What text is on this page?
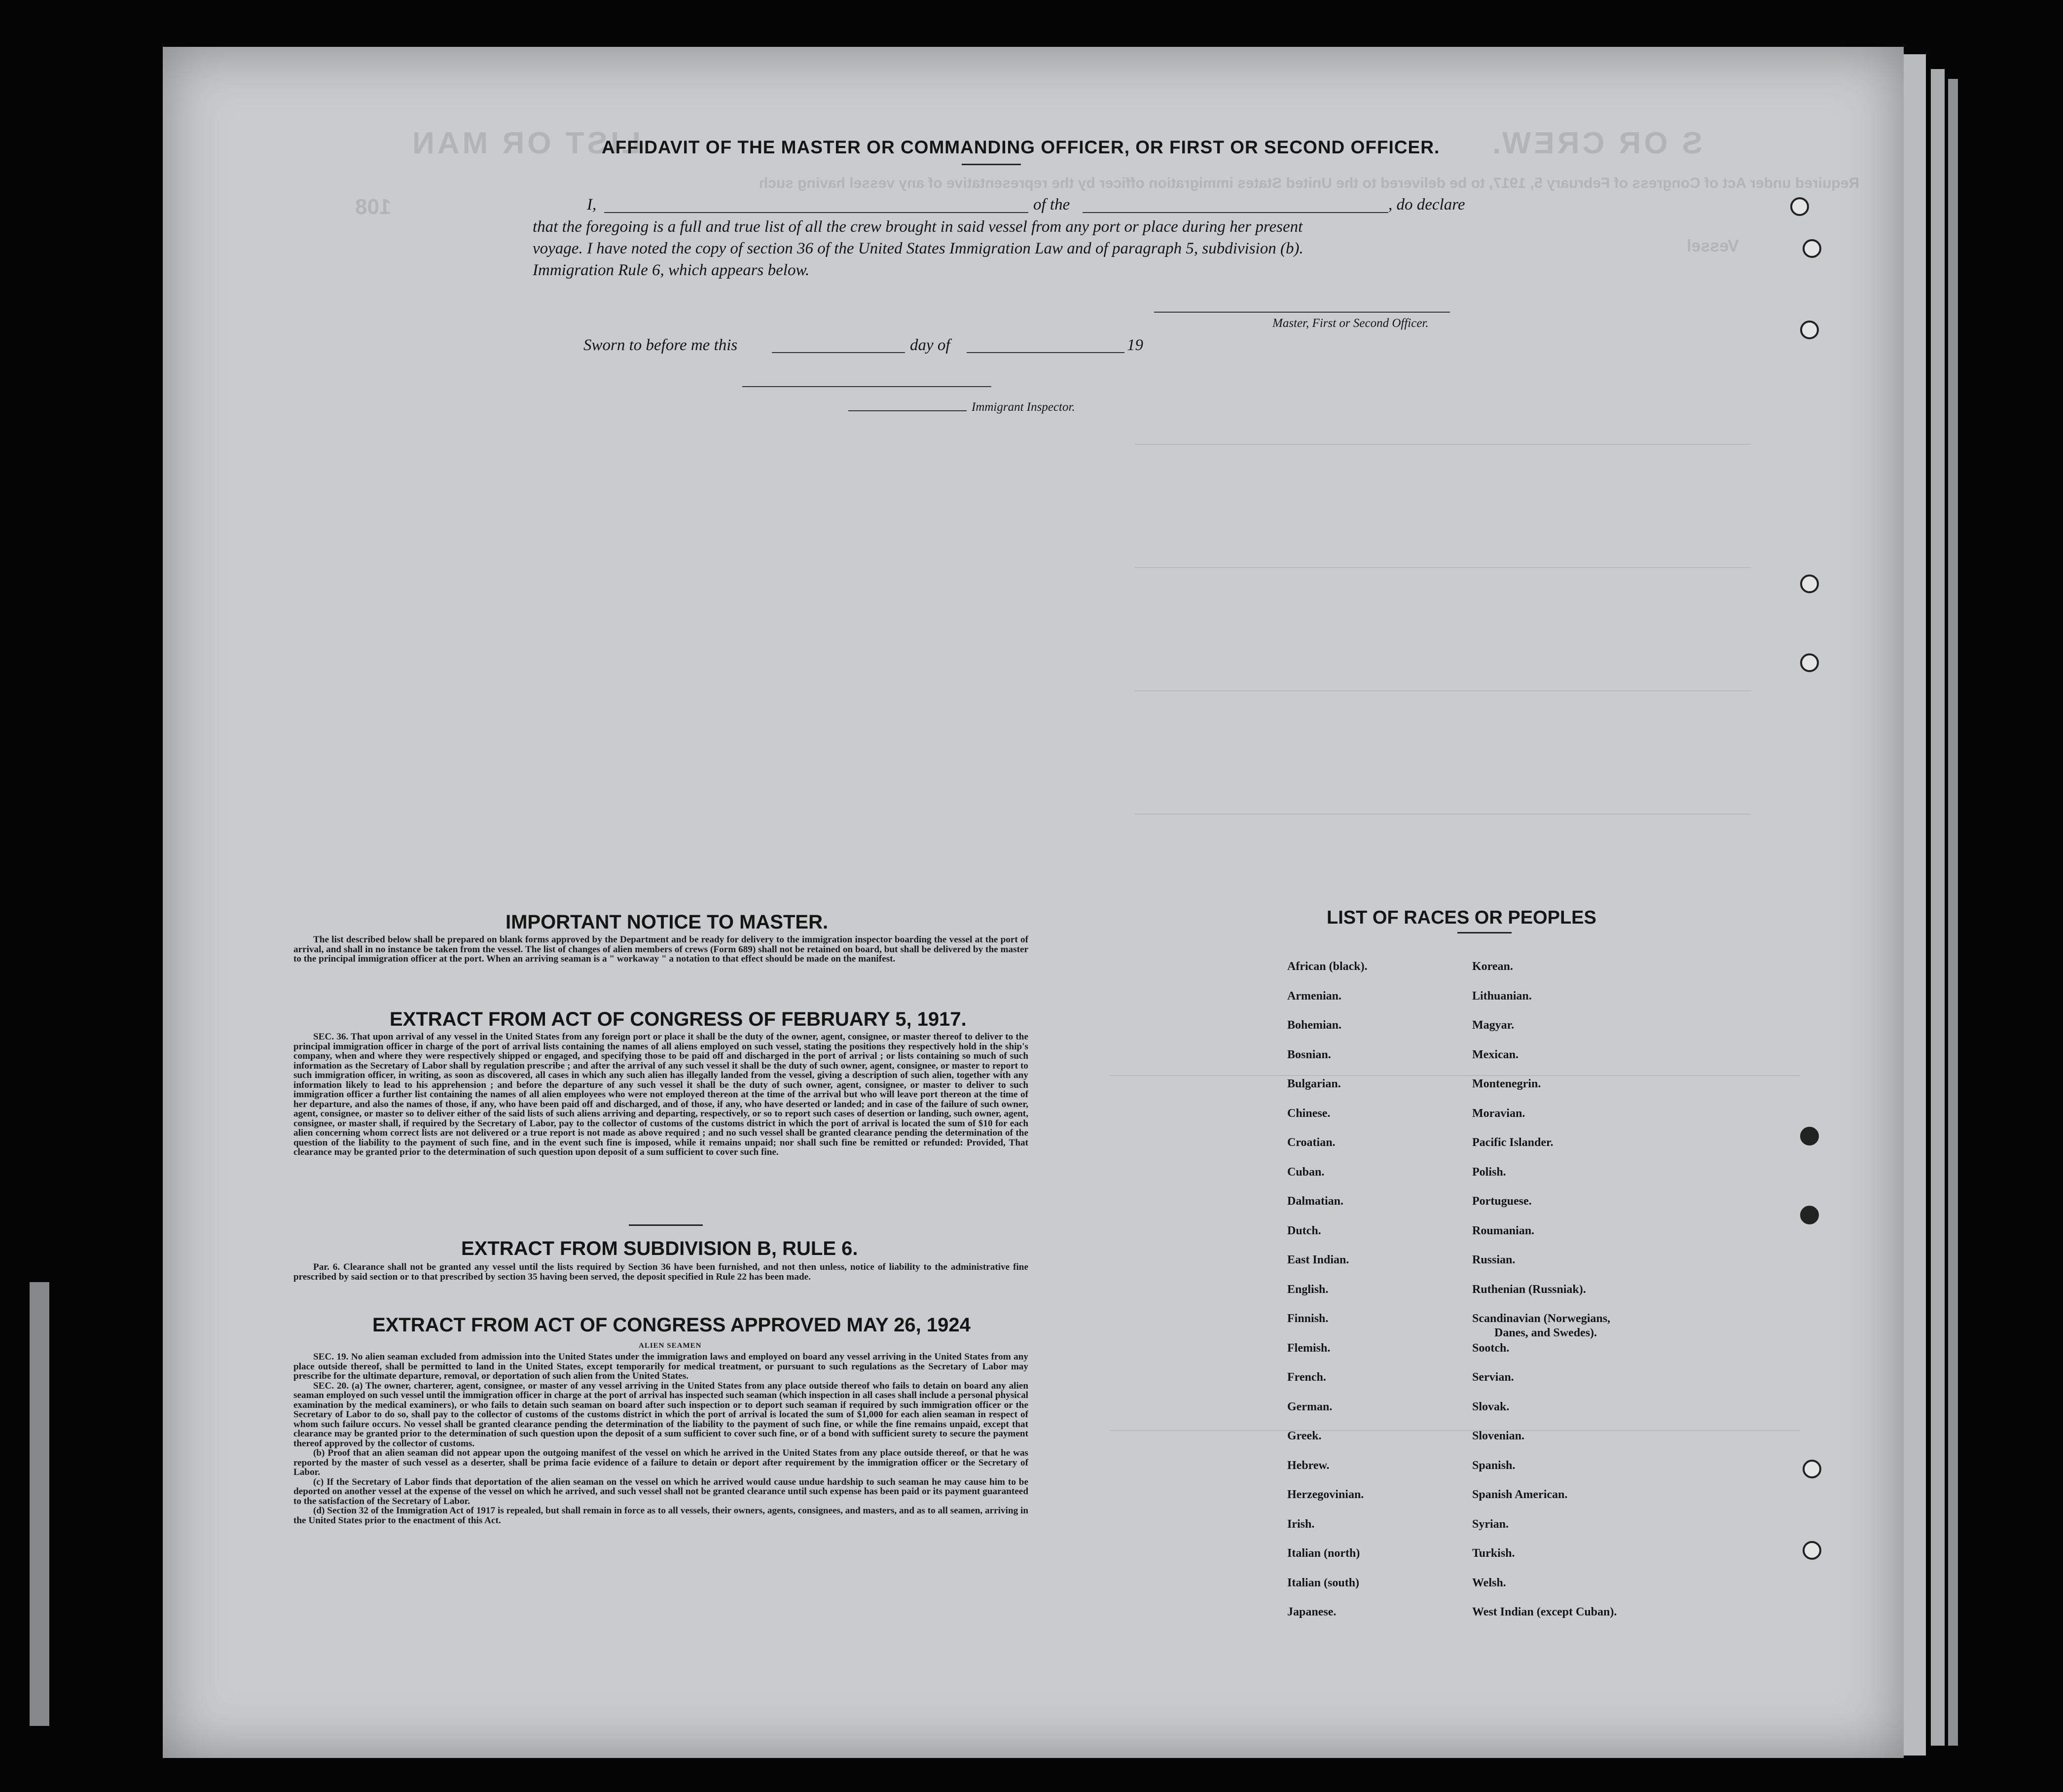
LIST OR MAN	S OR CREW.
Required under Act of Congress of February 5, 1917, to be delivered to the United States immigration officer by the representative of any vessel having such
Vessel
108
AFFIDAVIT OF THE MASTER OR COMMANDING OFFICER, OR FIRST OR SECOND OFFICER.
I,	of the	, do declare
that the foregoing is a full and true list of all the crew brought in said vessel from any port or place during her present
voyage. I have noted the copy of section 36 of the United States Immigration Law and of paragraph 5, subdivision (b).
Immigration Rule 6, which appears below.
Master, First or Second Officer.
Sworn to before me this	day of	19
Immigrant Inspector.
IMPORTANT NOTICE TO MASTER.
The list described below shall be prepared on blank forms approved by the Department and be ready for delivery to the immigration inspector boarding the vessel at the port of arrival, and shall in no instance be taken from the vessel. The list of changes of alien members of crews (Form 689) shall not be retained on board, but shall be delivered by the master to the principal immigration officer at the port. When an arriving seaman is a " workaway " a notation to that effect should be made on the manifest.
EXTRACT FROM ACT OF CONGRESS OF FEBRUARY 5, 1917.
SEC. 36. That upon arrival of any vessel in the United States from any foreign port or place it shall be the duty of the owner, agent, consignee, or master thereof to deliver to the principal immigration officer in charge of the port of arrival lists containing the names of all aliens employed on such vessel, stating the positions they respectively hold in the ship's company, when and where they were respectively shipped or engaged, and specifying those to be paid off and discharged in the port of arrival ; or lists containing so much of such information as the Secretary of Labor shall by regulation prescribe ; and after the arrival of any such vessel it shall be the duty of such owner, agent, consignee, or master to report to such immigration officer, in writing, as soon as discovered, all cases in which any such alien has illegally landed from the vessel, giving a description of such alien, together with any information likely to lead to his apprehension ; and before the departure of any such vessel it shall be the duty of such owner, agent, consignee, or master to deliver to such immigration officer a further list containing the names of all alien employees who were not employed thereon at the time of the arrival but who will leave port thereon at the time of her departure, and also the names of those, if any, who have been paid off and discharged, and of those, if any, who have deserted or landed; and in case of the failure of such owner, agent, consignee, or master so to deliver either of the said lists of such aliens arriving and departing, respectively, or so to report such cases of desertion or landing, such owner, agent, consignee, or master shall, if required by the Secretary of Labor, pay to the collector of customs of the customs district in which the port of arrival is located the sum of $10 for each alien concerning whom correct lists are not delivered or a true report is not made as above required ; and no such vessel shall be granted clearance pending the determination of the question of the liability to the payment of such fine, and in the event such fine is imposed, while it remains unpaid; nor shall such fine be remitted or refunded: Provided, That clearance may be granted prior to the determination of such question upon deposit of a sum sufficient to cover such fine.
EXTRACT FROM SUBDIVISION B, RULE 6.
Par. 6. Clearance shall not be granted any vessel until the lists required by Section 36 have been furnished, and not then unless, notice of liability to the administrative fine prescribed by said section or to that prescribed by section 35 having been served, the deposit specified in Rule 22 has been made.
EXTRACT FROM ACT OF CONGRESS APPROVED MAY 26, 1924
ALIEN SEAMEN
SEC. 19. No alien seaman excluded from admission into the United States under the immigration laws and employed on board any vessel arriving in the United States from any place outside thereof, shall be permitted to land in the United States, except temporarily for medical treatment, or pursuant to such regulations as the Secretary of Labor may prescribe for the ultimate departure, removal, or deportation of such alien from the United States.
SEC. 20. (a) The owner, charterer, agent, consignee, or master of any vessel arriving in the United States from any place outside thereof who fails to detain on board any alien seaman employed on such vessel until the immigration officer in charge at the port of arrival has inspected such seaman (which inspection in all cases shall include a personal physical examination by the medical examiners), or who fails to detain such seaman on board after such inspection or to deport such seaman if required by such immigration officer or the Secretary of Labor to do so, shall pay to the collector of customs of the customs district in which the port of arrival is located the sum of $1,000 for each alien seaman in respect of whom such failure occurs. No vessel shall be granted clearance pending the determination of the liability to the payment of such fine, or while the fine remains unpaid, except that clearance may be granted prior to the determination of such question upon the deposit of a sum sufficient to cover such fine, or of a bond with sufficient surety to secure the payment thereof approved by the collector of customs.
(b) Proof that an alien seaman did not appear upon the outgoing manifest of the vessel on which he arrived in the United States from any place outside thereof, or that he was reported by the master of such vessel as a deserter, shall be prima facie evidence of a failure to detain or deport after requirement by the immigration officer or the Secretary of Labor.
(c) If the Secretary of Labor finds that deportation of the alien seaman on the vessel on which he arrived would cause undue hardship to such seaman he may cause him to be deported on another vessel at the expense of the vessel on which he arrived, and such vessel shall not be granted clearance until such expense has been paid or its payment guaranteed to the satisfaction of the Secretary of Labor.
(d) Section 32 of the Immigration Act of 1917 is repealed, but shall remain in force as to all vessels, their owners, agents, consignees, and masters, and as to all seamen, arriving in the United States prior to the enactment of this Act.
LIST OF RACES OR PEOPLES
African (black).
Armenian.
Bohemian.
Bosnian.
Bulgarian.
Chinese.
Croatian.
Cuban.
Dalmatian.
Dutch.
East Indian.
English.
Finnish.
Flemish.
French.
German.
Greek.
Hebrew.
Herzegovinian.
Irish.
Italian (north)
Italian (south)
Japanese.
Korean.
Lithuanian.
Magyar.
Mexican.
Montenegrin.
Moravian.
Pacific Islander.
Polish.
Portuguese.
Roumanian.
Russian.
Ruthenian (Russniak).
Scandinavian (Norwegians,
Sootch.
Servian.
Slovak.
Slovenian.
Spanish.
Spanish American.
Syrian.
Turkish.
Welsh.
West Indian (except Cuban).
Danes, and Swedes).
